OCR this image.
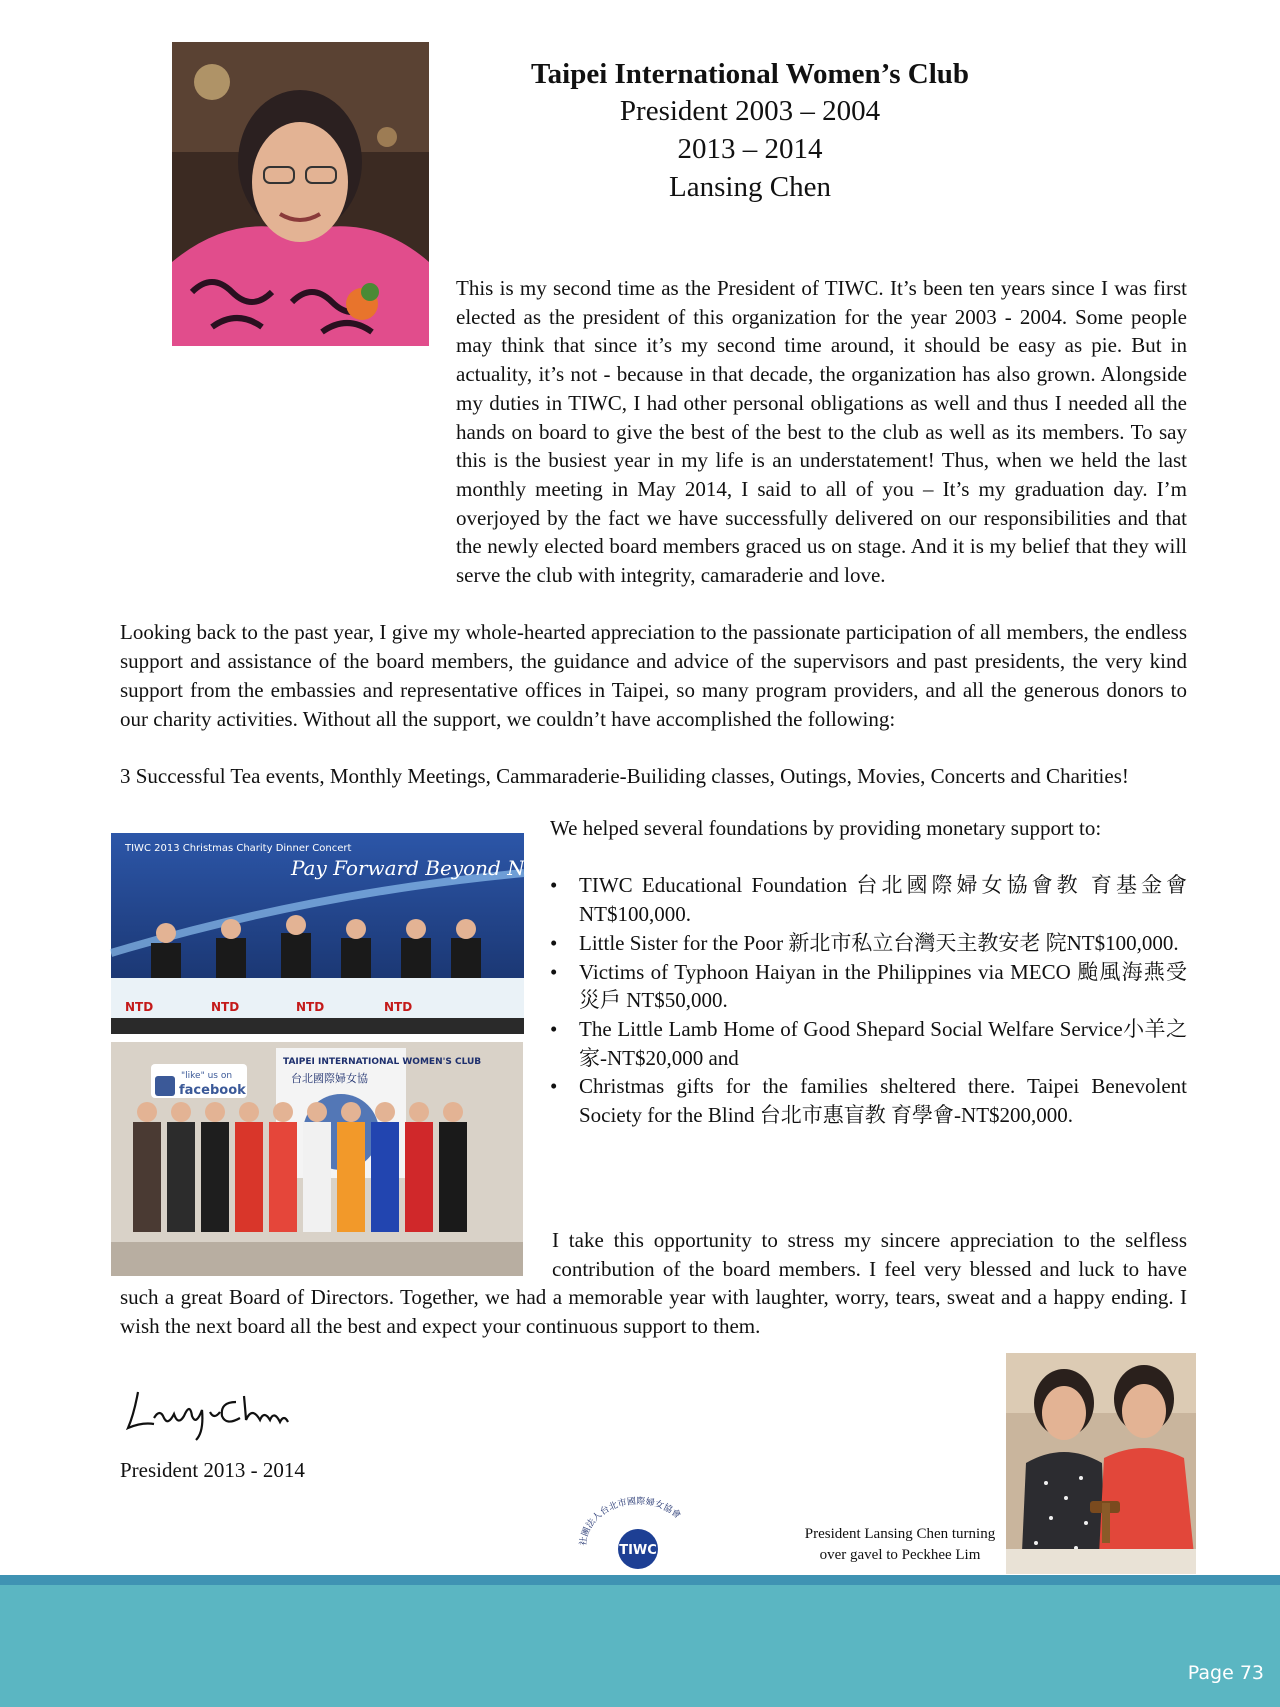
Taipei International Women’s Club
President 2003 – 2004
2013 – 2014
Lansing Chen

This is my second time as the President of TIWC. It’s been ten years since I was first elected as the president of this organization for the year 2003 - 2004. Some people may think that since it’s my second time around, it should be easy as pie. But in actuality, it’s not - because in that decade, the organization has also grown. Alongside my duties in TIWC, I had other personal obligations as well and thus I needed all the hands on board to give the best of the best to the club as well as its members. To say this is the busiest year in my life is an understatement! Thus, when we held the last monthly meeting in May 2014, I said to all of you – It’s my graduation day. I’m overjoyed by the fact we have successfully delivered on our responsibilities and that the newly elected board members graced us on stage. And it is my belief that they will serve the club with integrity, camaraderie and love.

Looking back to the past year, I give my whole-hearted appreciation to the passionate participation of all members, the endless support and assistance of the board members, the guidance and advice of the supervisors and past presidents, the very kind support from the embassies and representative offices in Taipei, so many program providers, and all the generous donors to our charity activities. Without all the support, we couldn’t have accomplished the following:

3 Successful Tea events, Monthly Meetings, Cammaraderie-Builiding classes, Outings, Movies, Concerts and Charities!

TIWC 2013 Christmas Charity Dinner Concert
Pay Forward Beyond Nation
NTD	NTD	NTD	NTD
TAIPEI INTERNATIONAL WOMEN'S CLUB
台北國際婦女協
"like" us on
facebook
We helped several foundations by providing monetary support to:
• TIWC Educational Foundation 台北國際婦女協會教 育基金會NT$100,000.
• Little Sister for the Poor 新北市私立台灣天主教安老 院NT$100,000.
• Victims of Typhoon Haiyan in the Philippines via MECO 颱風海燕受災戶 NT$50,000.
• The Little Lamb Home of Good Shepard Social Welfare Service小羊之家-NT$20,000 and
• Christmas gifts for the families sheltered there. Taipei Benevolent Society for the Blind 台北市惠盲教 育學會-NT$200,000.

I take this opportunity to stress my sincere appreciation to the selfless contribution of the board members. I feel very blessed and luck to have such a great Board of Directors. Together, we had a memorable year with laughter, worry, tears, sweat and a happy ending. I wish the next board all the best and expect your continuous support to them.

President 2013 - 2014
社團法人台北市國際婦女協會
TIWC
President Lansing Chen turning over gavel to Peckhee Lim
Page 73
